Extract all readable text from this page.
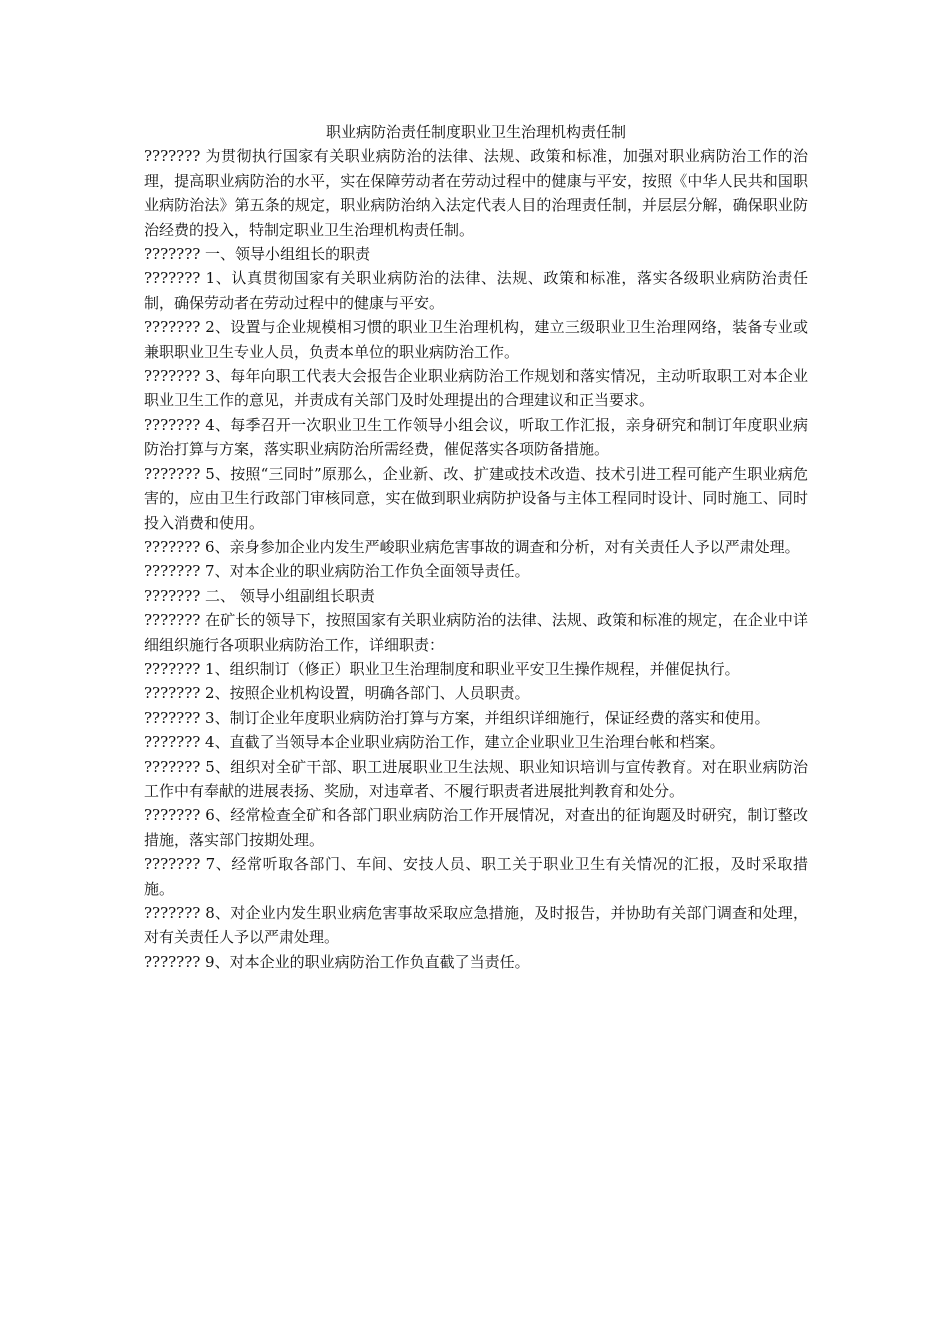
职业病防治责任制度职业卫生治理机构责任制

??????? 为贯彻执行国家有关职业病防治的法律、法规、政策和标准，加强对职业病防治工作的治理，提高职业病防治的水平，实在保障劳动者在劳动过程中的健康与平安，按照《中华人民共和国职业病防治法》第五条的规定，职业病防治纳入法定代表人目的治理责任制，并层层分解，确保职业防治经费的投入，特制定职业卫生治理机构责任制。

??????? 一、领导小组组长的职责

??????? 1、认真贯彻国家有关职业病防治的法律、法规、政策和标准，落实各级职业病防治责任制，确保劳动者在劳动过程中的健康与平安。

??????? 2、设置与企业规模相习惯的职业卫生治理机构，建立三级职业卫生治理网络，装备专业或兼职职业卫生专业人员，负责本单位的职业病防治工作。

??????? 3、每年向职工代表大会报告企业职业病防治工作规划和落实情况，主动听取职工对本企业职业卫生工作的意见，并责成有关部门及时处理提出的合理建议和正当要求。

??????? 4、每季召开一次职业卫生工作领导小组会议，听取工作汇报，亲身研究和制订年度职业病防治打算与方案，落实职业病防治所需经费，催促落实各项防备措施。

??????? 5、按照“三同时”原那么，企业新、改、扩建或技术改造、技术引进工程可能产生职业病危害的，应由卫生行政部门审核同意，实在做到职业病防护设备与主体工程同时设计、同时施工、同时投入消费和使用。

??????? 6、亲身参加企业内发生严峻职业病危害事故的调查和分析，对有关责任人予以严肃处理。

??????? 7、对本企业的职业病防治工作负全面领导责任。

??????? 二、 领导小组副组长职责

??????? 在矿长的领导下，按照国家有关职业病防治的法律、法规、政策和标准的规定，在企业中详细组织施行各项职业病防治工作，详细职责：

??????? 1、组织制订（修正）职业卫生治理制度和职业平安卫生操作规程，并催促执行。

??????? 2、按照企业机构设置，明确各部门、人员职责。

??????? 3、制订企业年度职业病防治打算与方案，并组织详细施行，保证经费的落实和使用。

??????? 4、直截了当领导本企业职业病防治工作，建立企业职业卫生治理台帐和档案。

??????? 5、组织对全矿干部、职工进展职业卫生法规、职业知识培训与宣传教育。对在职业病防治工作中有奉献的进展表扬、奖励，对违章者、不履行职责者进展批判教育和处分。

??????? 6、经常检查全矿和各部门职业病防治工作开展情况，对查出的征询题及时研究，制订整改措施，落实部门按期处理。

??????? 7、经常听取各部门、车间、安技人员、职工关于职业卫生有关情况的汇报，及时采取措施。

??????? 8、对企业内发生职业病危害事故采取应急措施，及时报告，并协助有关部门调查和处理，对有关责任人予以严肃处理。

??????? 9、对本企业的职业病防治工作负直截了当责任。
